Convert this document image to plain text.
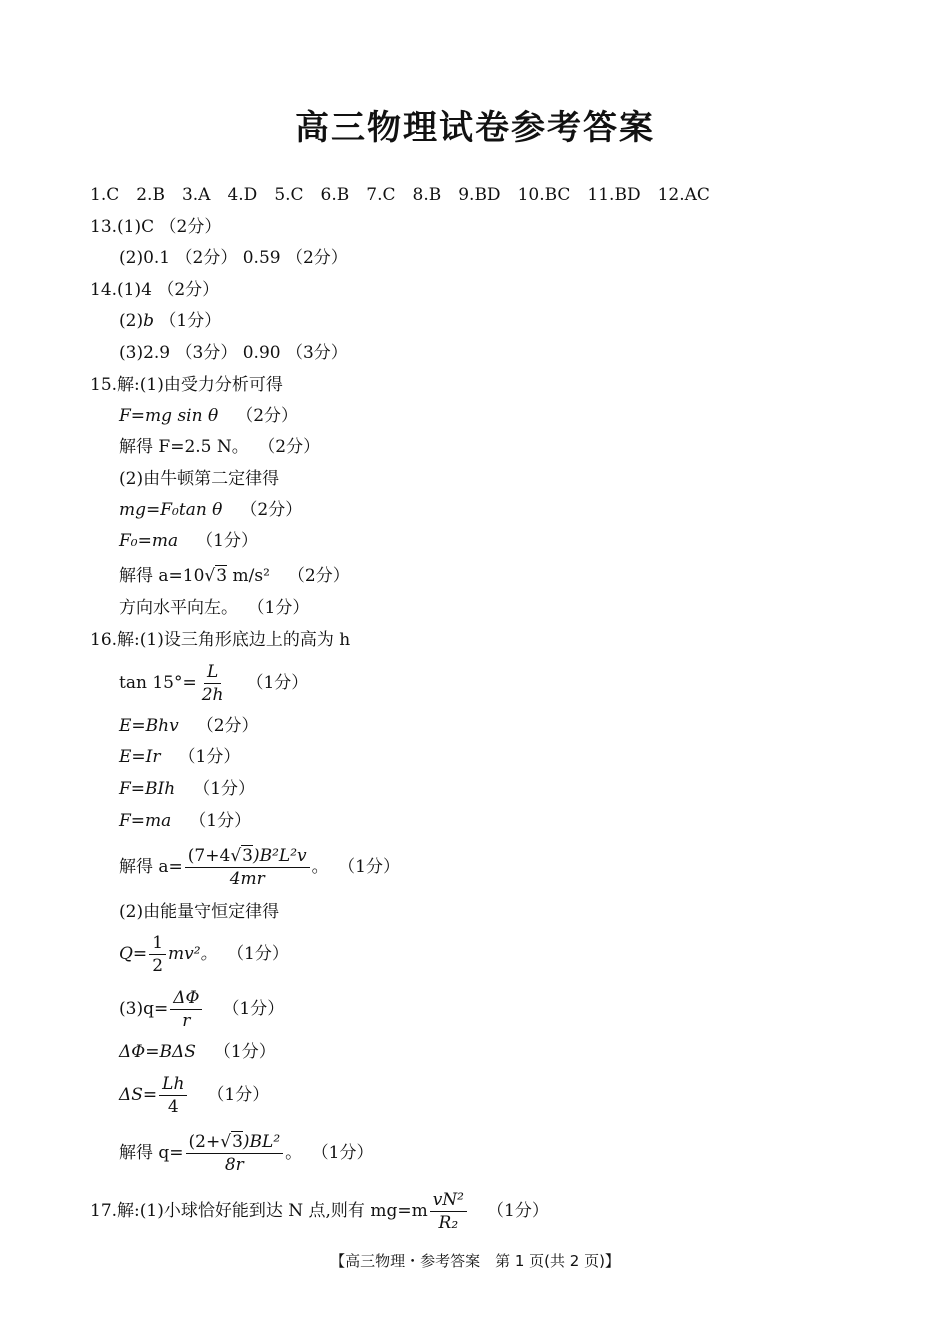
高三物理试卷参考答案
1.C 2.B 3.A 4.D 5.C 6.B 7.C 8.B 9.BD 10.BC 11.BD 12.AC
13.(1)C （2分）
(2)0.1 （2分） 0.59 （2分）
14.(1)4 （2分）
(2)b （1分）
(3)2.9 （3分） 0.90 （3分）
15.解:(1)由受力分析可得
F=mg sin θ （2分）
解得 F=2.5 N。 （2分）
(2)由牛顿第二定律得
mg=F₀tan θ （2分）
F₀=ma （1分）
解得 a=10√3 m/s² （2分）
方向水平向左。 （1分）
16.解:(1)设三角形底边上的高为 h
$\tan 15^\circ= \frac{L}{2h} (1$分）
E=Bhv （2分）
E=Ir （1分）
F=BIh （1分）
F=ma （1分）
解得 $a= \frac{\text{(7+4√3)B²L²v}}{4mr}$ 。 （1分）
(2)由能量守恒定律得
$Q= \frac{1}{2} mv^2$。 （1分）
$(3)q= \frac{\Delta\Phi}{r} (1$分）
ΔΦ=BΔS （1分）
$\Delta S= \frac{Lh}{4} (1$分）
解得 $q= \frac{\text{(2+√3)BL²}}{8r}$ 。 （1分）
17.解:(1)小球恰好能到达 N 点,则有 $mg=m \frac{\text{vN²}}{\text{R₂}} (1$分）
【高三物理・参考答案　第 1 页(共 2 页)】
